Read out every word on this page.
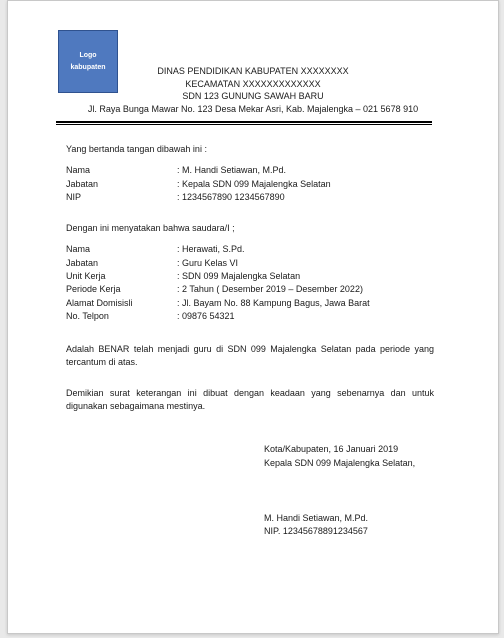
Logo
kabupaten	DINAS PENDIDIKAN KABUPATEN XXXXXXXX
KECAMATAN XXXXXXXXXXXXX
SDN 123 GUNUNG SAWAH BARU
Jl. Raya Bunga Mawar No. 123 Desa Mekar Asri, Kab. Majalengka – 021 5678 910
Yang bertanda tangan dibawah ini :
Nama	: M. Handi Setiawan, M.Pd.
Jabatan	: Kepala SDN 099 Majalengka Selatan
NIP	: 1234567890 1234567890
Dengan ini menyatakan bahwa saudara/I ;
Nama	: Herawati, S.Pd.
Jabatan	: Guru Kelas VI
Unit Kerja	: SDN 099 Majalengka Selatan
Periode Kerja	: 2 Tahun ( Desember 2019 – Desember 2022)
Alamat Domisisli	: Jl. Bayam No. 88 Kampung Bagus, Jawa Barat
No. Telpon	: 09876 54321
Adalah BENAR telah menjadi guru di SDN 099 Majalengka Selatan pada periode yang tercantum di atas.
Demikian surat keterangan ini dibuat dengan keadaan yang sebenarnya dan untuk digunakan sebagaimana mestinya.
Kota/Kabupaten, 16 Januari 2019
Kepala SDN 099 Majalengka Selatan,
M. Handi Setiawan, M.Pd.
NIP. 12345678891234567
